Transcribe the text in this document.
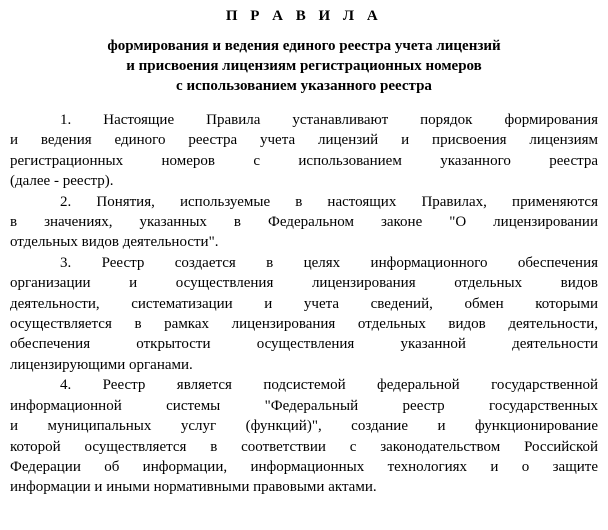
П Р А В И Л А
формирования и ведения единого реестра учета лицензий
и присвоения лицензиям регистрационных номеров
с использованием указанного реестра
1. Настоящие Правила устанавливают порядок формирования
и ведения единого реестра учета лицензий и присвоения лицензиям
регистрационных номеров с использованием указанного реестра
(далее - реестр).
2. Понятия, используемые в настоящих Правилах, применяются
в значениях, указанных в Федеральном законе "О лицензировании
отдельных видов деятельности".
3. Реестр создается в целях информационного обеспечения
организации и осуществления лицензирования отдельных видов
деятельности, систематизации и учета сведений, обмен которыми
осуществляется в рамках лицензирования отдельных видов деятельности,
обеспечения открытости осуществления указанной деятельности
лицензирующими органами.
4. Реестр является подсистемой федеральной государственной
информационной системы "Федеральный реестр государственных
и муниципальных услуг (функций)", создание и функционирование
которой осуществляется в соответствии с законодательством Российской
Федерации об информации, информационных технологиях и о защите
информации и иными нормативными правовыми актами.
